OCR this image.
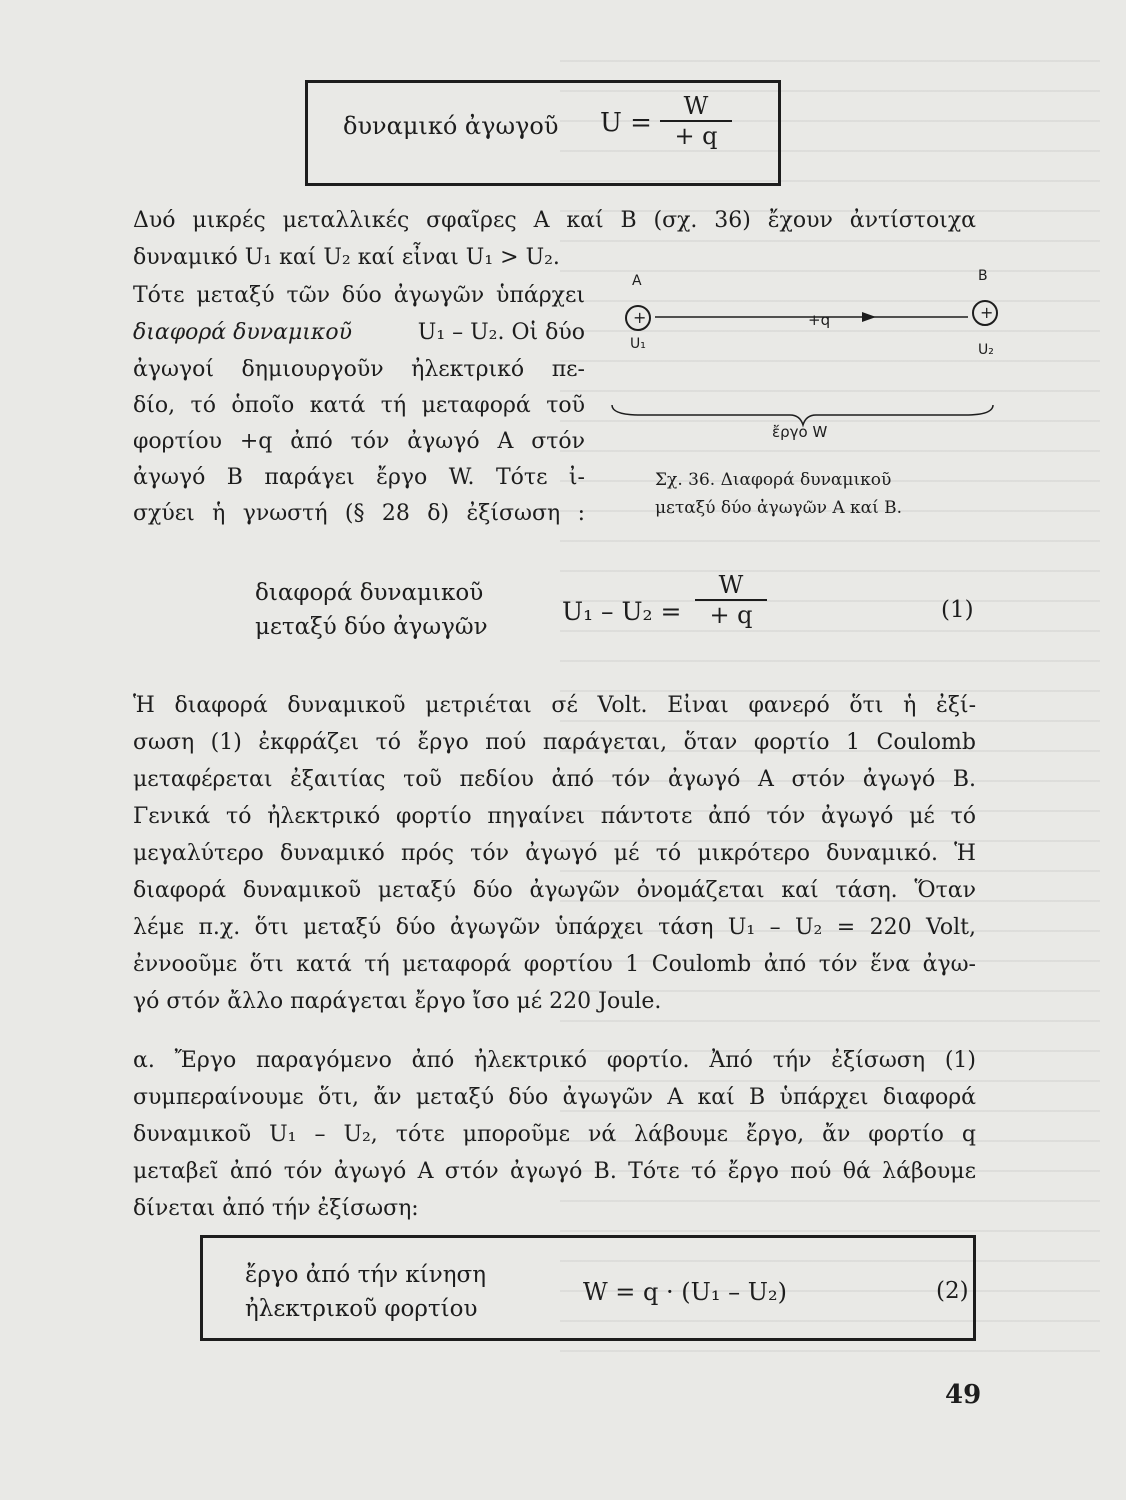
δυναμικό ἀγωγοῦ U =
W
+ q
Δυό μικρές μεταλλικές σφαῖρες Α καί Β (σχ. 36) ἔχουν ἀντίστοιχα
δυναμικό U₁ καί U₂ καί εἶναι U₁ > U₂.
Τότε μεταξύ τῶν δύο ἀγωγῶν ὑπάρχει
διαφορά δυναμικοῦ	U₁ – U₂. Οἱ δύο
ἀγωγοί δημιουργοῦν ἠλεκτρικό πε-
δίο, τό ὁποῖο κατά τή μεταφορά τοῦ
φορτίου +q ἀπό τόν ἀγωγό Α στόν
ἀγωγό Β παράγει ἔργο W. Τότε ἰ-
σχύει ἡ γνωστή (§ 28 δ) ἐξίσωση :
A	B
+	+
+q
U₁	U₂
ἔργο W
Σχ. 36. Διαφορά δυναμικοῦ
μεταξύ δύο ἀγωγῶν Α καί Β.
διαφορά δυναμικοῦ
μεταξύ δύο ἀγωγῶν
U₁ – U₂ =
W
+ q	(1)
Ἡ διαφορά δυναμικοῦ μετριέται σέ Volt. Εἶναι φανερό ὅτι ἡ ἐξί-
σωση (1) ἐκφράζει τό ἔργο πού παράγεται, ὅταν φορτίο 1 Coulomb
μεταφέρεται ἐξαιτίας τοῦ πεδίου ἀπό τόν ἀγωγό Α στόν ἀγωγό Β.
Γενικά τό ἠλεκτρικό φορτίο πηγαίνει πάντοτε ἀπό τόν ἀγωγό μέ τό
μεγαλύτερο δυναμικό πρός τόν ἀγωγό μέ τό μικρότερο δυναμικό. Ἡ
διαφορά δυναμικοῦ μεταξύ δύο ἀγωγῶν ὀνομάζεται καί τάση. Ὅταν
λέμε π.χ. ὅτι μεταξύ δύο ἀγωγῶν ὑπάρχει τάση U₁ – U₂ = 220 Volt,
ἐννοοῦμε ὅτι κατά τή μεταφορά φορτίου 1 Coulomb ἀπό τόν ἕνα ἀγω-
γό στόν ἄλλο παράγεται ἔργο ἴσο μέ 220 Joule.
α. Ἔργο παραγόμενο ἀπό ἠλεκτρικό φορτίο. Ἀπό τήν ἐξίσωση (1)
συμπεραίνουμε ὅτι, ἄν μεταξύ δύο ἀγωγῶν Α καί Β ὑπάρχει διαφορά
δυναμικοῦ U₁ – U₂, τότε μποροῦμε νά λάβουμε ἔργο, ἄν φορτίο q
μεταβεῖ ἀπό τόν ἀγωγό Α στόν ἀγωγό Β. Τότε τό ἔργο πού θά λάβουμε
δίνεται ἀπό τήν ἐξίσωση:
ἔργο ἀπό τήν κίνηση
ἠλεκτρικοῦ φορτίου
W = q · (U₁ – U₂)	(2)
49
